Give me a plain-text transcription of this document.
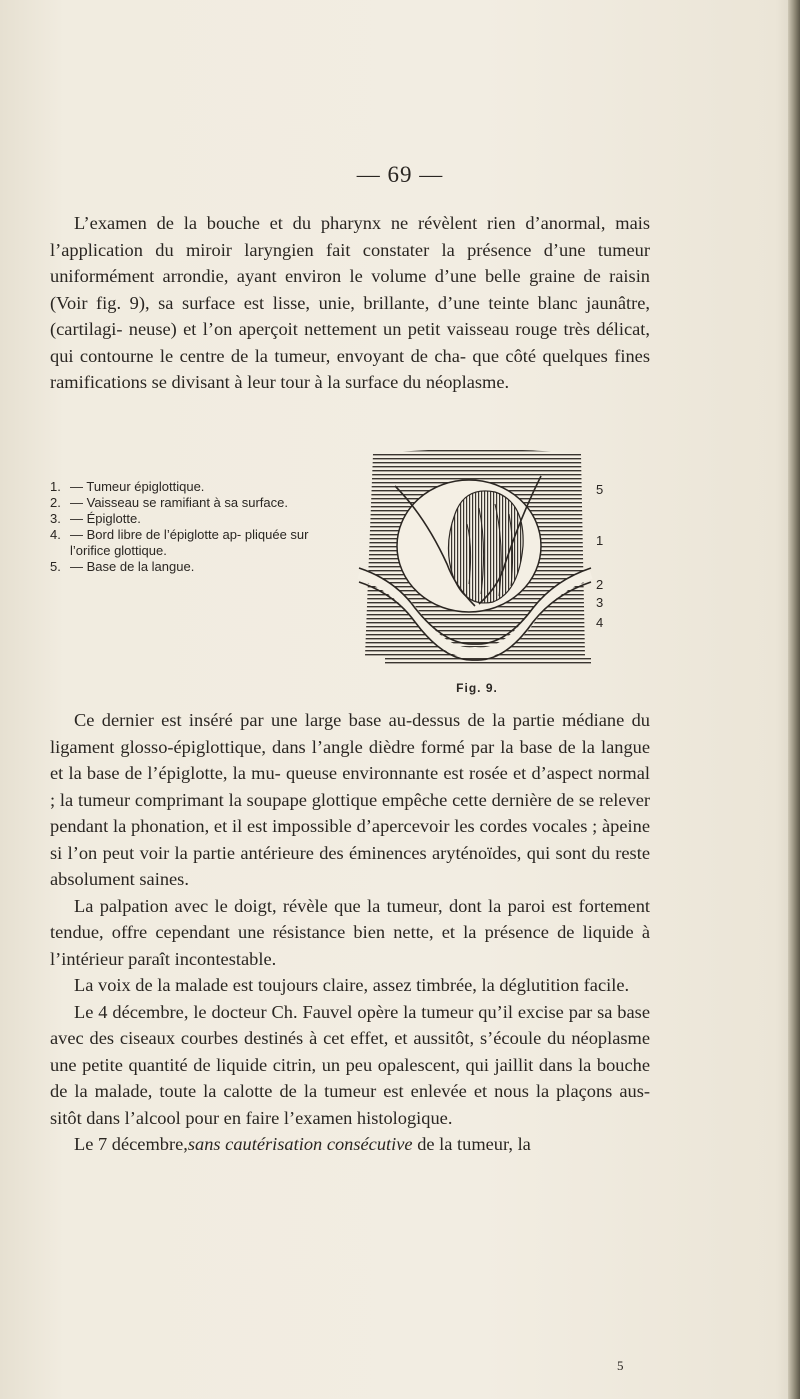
— 69 —

L’examen de la bouche et du pharynx ne révèlent rien d’anormal, mais l’application du miroir laryngien fait constater la présence d’une tumeur uniformément arrondie, ayant environ le volume d’une belle graine de raisin (Voir fig. 9), sa surface est lisse, unie, brillante, d’une teinte blanc jaunâtre, (cartilagi- neuse) et l’on aperçoit nettement un petit vaisseau rouge très délicat, qui contourne le centre de la tumeur, envoyant de cha- que côté quelques fines ramifications se divisant à leur tour à la surface du néoplasme.

1. — Tumeur épiglottique.
2. — Vaisseau se ramifiant à sa surface.
3. — Épiglotte.
4. — Bord libre de l’épiglotte ap- pliquée sur l’orifice glottique.
5. — Base de la langue.
5
1
2
3
4
Fig. 9.

Ce dernier est inséré par une large base au-dessus de la partie médiane du ligament glosso-épiglottique, dans l’angle dièdre formé par la base de la langue et la base de l’épiglotte, la mu- queuse environnante est rosée et d’aspect normal ; la tumeur comprimant la soupape glottique empêche cette dernière de se relever pendant la phonation, et il est impossible d’apercevoir les cordes vocales ; àpeine si l’on peut voir la partie antérieure des éminences aryténoïdes, qui sont du reste absolument saines.

La palpation avec le doigt, révèle que la tumeur, dont la paroi est fortement tendue, offre cependant une résistance bien nette, et la présence de liquide à l’intérieur paraît incontestable.

La voix de la malade est toujours claire, assez timbrée, la déglutition facile.

Le 4 décembre, le docteur Ch. Fauvel opère la tumeur qu’il excise par sa base avec des ciseaux courbes destinés à cet effet, et aussitôt, s’écoule du néoplasme une petite quantité de liquide citrin, un peu opalescent, qui jaillit dans la bouche de la malade, toute la calotte de la tumeur est enlevée et nous la plaçons aus- sitôt dans l’alcool pour en faire l’examen histologique.

Le 7 décembre,sans cautérisation consécutive de la tumeur, la

5
